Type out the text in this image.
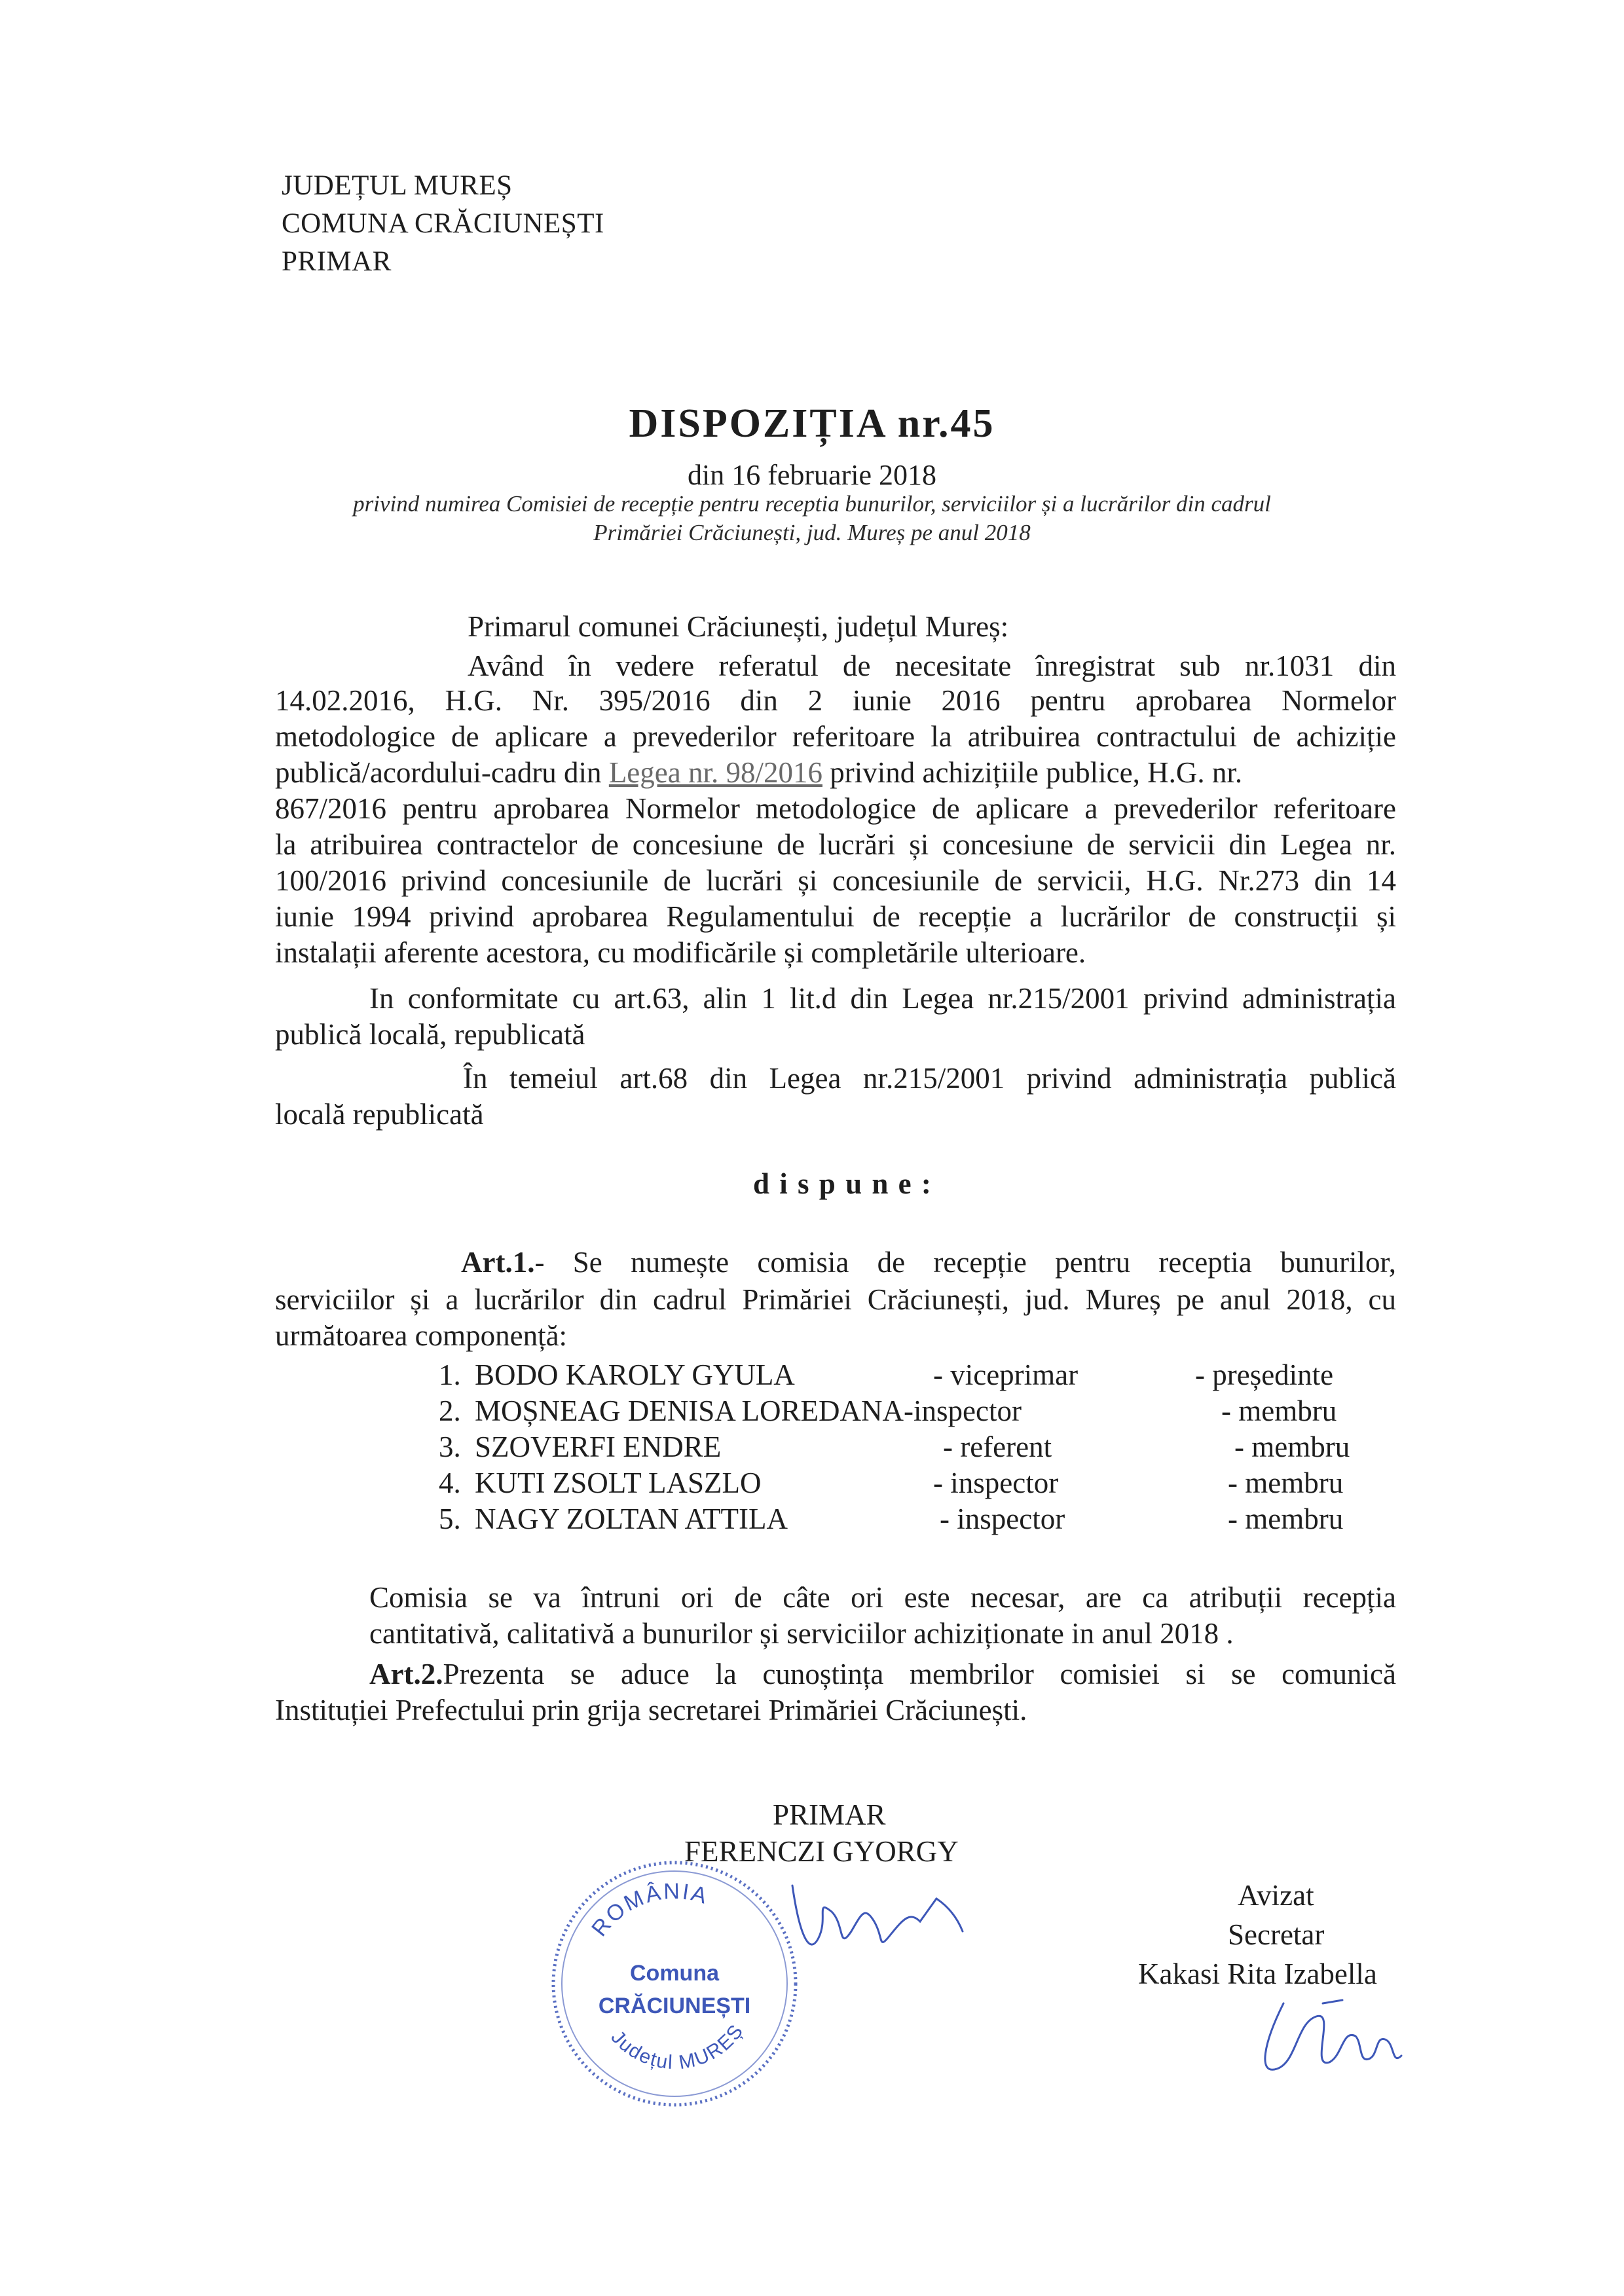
JUDEȚUL MUREȘ
COMUNA CRĂCIUNEȘTI
PRIMAR
DISPOZIȚIA nr.45
din 16 februarie 2018
privind numirea Comisiei de recepție pentru receptia bunurilor, serviciilor și a lucrărilor din cadrul
Primăriei Crăciunești, jud. Mureș pe anul 2018
Primarul comunei Crăciunești, județul Mureș:
Având în vedere referatul de necesitate înregistrat sub nr.1031 din
14.02.2016, H.G. Nr. 395/2016 din 2 iunie 2016 pentru aprobarea Normelor
metodologice de aplicare a prevederilor referitoare la atribuirea contractului de achiziție
publică/acordului-cadru din Legea nr. 98/2016 privind achizițiile publice, H.G. nr.
867/2016 pentru aprobarea Normelor metodologice de aplicare a prevederilor referitoare
la atribuirea contractelor de concesiune de lucrări și concesiune de servicii din Legea nr.
100/2016 privind concesiunile de lucrări și concesiunile de servicii, H.G. Nr.273 din 14
iunie 1994 privind aprobarea Regulamentului de recepție a lucrărilor de construcții și
instalații aferente acestora, cu modificările și completările ulterioare.
In conformitate cu art.63, alin 1 lit.d din Legea nr.215/2001 privind administrația
publică locală, republicată
În temeiul art.68 din Legea nr.215/2001 privind administrația publică
locală republicată
d i s p u n e :
Art.1. - Se numește comisia de recepție pentru receptia bunurilor,
serviciilor și a lucrărilor din cadrul Primăriei Crăciunești, jud. Mureș pe anul 2018, cu
următoarea componență:
1. BODO KAROLY GYULA	- viceprimar	- președinte
2. MOȘNEAG DENISA LOREDANA-inspector	- membru
3. SZOVERFI ENDRE	- referent	- membru
4. KUTI ZSOLT LASZLO	- inspector	- membru
5. NAGY ZOLTAN ATTILA	- inspector	- membru
Comisia se va întruni ori de câte ori este necesar, are ca atribuții recepția
cantitativă, calitativă a bunurilor și serviciilor achiziționate in anul 2018 .
Art.2. Prezenta se aduce la cunoștința membrilor comisiei si se comunică
Instituției Prefectului prin grija secretarei Primăriei Crăciunești.
PRIMAR
FERENCZI GYORGY
ROMÂNIA
Comuna
CRĂCIUNEȘTI
Județul MUREȘ
Avizat
Secretar
Kakasi Rita Izabella
